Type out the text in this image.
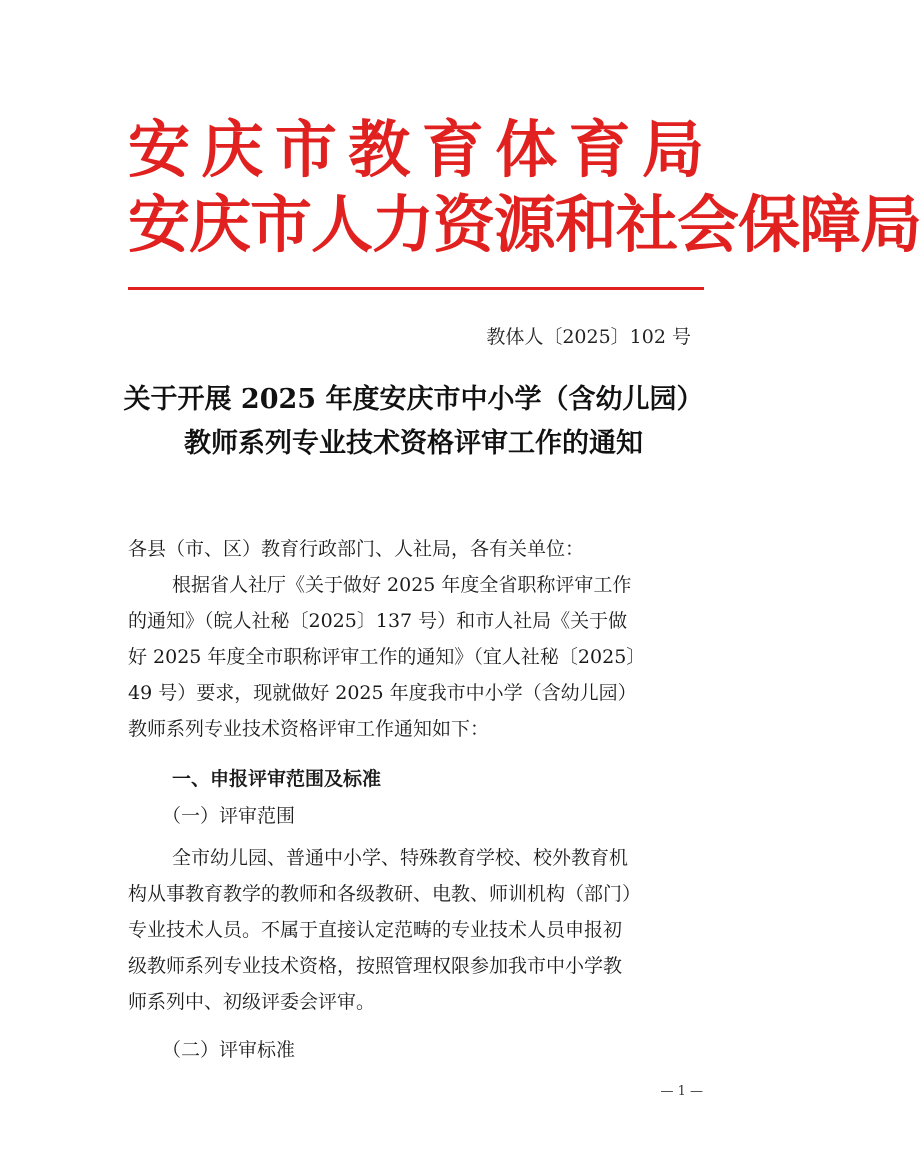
安 庆 市 教 育 体 育 局
安庆市人力资源和社会保障局
教体人〔2025〕102 号
关于开展 2025 年度安庆市中小学（含幼儿园）
教师系列专业技术资格评审工作的通知
各县（市、区）教育行政部门、人社局，各有关单位：
根据省人社厅《关于做好 2025 年度全省职称评审工作
的通知》（皖人社秘〔2025〕137 号）和市人社局《关于做
好 2025 年度全市职称评审工作的通知》（宜人社秘〔2025〕
49 号）要求，现就做好 2025 年度我市中小学（含幼儿园）
教师系列专业技术资格评审工作通知如下：
一、申报评审范围及标准
（一）评审范围
全市幼儿园、普通中小学、特殊教育学校、校外教育机
构从事教育教学的教师和各级教研、电教、师训机构（部门）
专业技术人员。不属于直接认定范畴的专业技术人员申报初
级教师系列专业技术资格，按照管理权限参加我市中小学教
师系列中、初级评委会评审。
（二）评审标准
— 1 —
